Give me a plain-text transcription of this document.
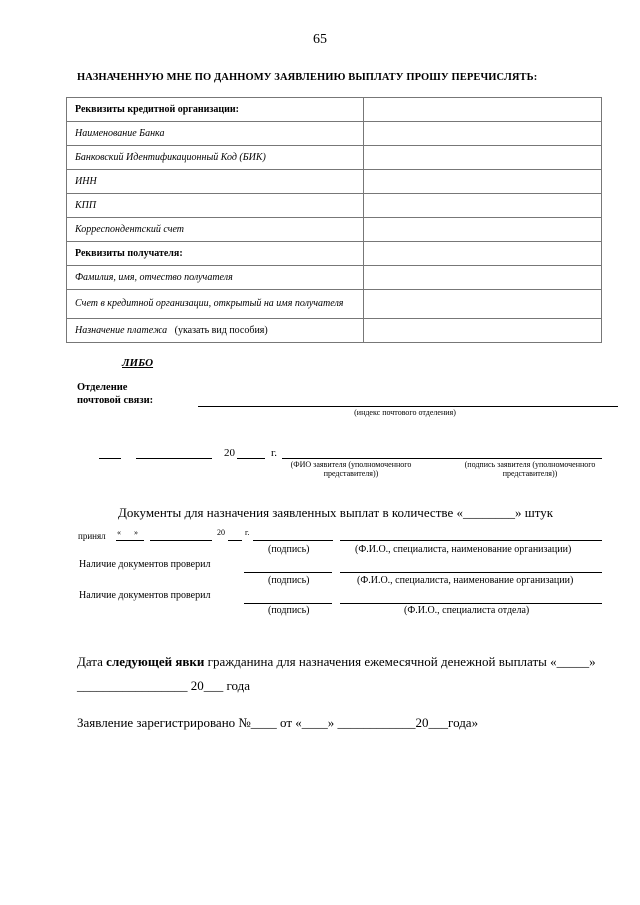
65
НАЗНАЧЕННУЮ МНЕ ПО ДАННОМУ ЗАЯВЛЕНИЮ ВЫПЛАТУ ПРОШУ ПЕРЕЧИСЛЯТЬ:
Реквизиты кредитной организации:	
Наименование Банка	
Банковский Идентификационный Код (БИК)	
ИНН	
КПП	
Корреспондентский счет	
Реквизиты получателя:	
Фамилия, имя, отчество получателя	
Счет в кредитной организации, открытый на имя получателя	
Назначение платежа (указать вид пособия)	
ЛИБО
Отделение
почтовой связи:
(индекс почтового отделения)
20	г.
(ФИО заявителя (уполномоченного представителя))
(подпись заявителя (уполномоченного представителя))
Документы для назначения заявленных выплат в количестве «________» штук
принял « »	20	г.
(подпись)	(Ф.И.О., специалиста, наименование организации)
Наличие документов проверил
(подпись)	(Ф.И.О., специалиста, наименование организации)
Наличие документов проверил
(подпись)	(Ф.И.О., специалиста отдела)
Дата следующей явки гражданина для назначения ежемесячной денежной выплаты «_____»
_________________ 20___ года
Заявление зарегистрировано №____ от «____» ____________20___года»
